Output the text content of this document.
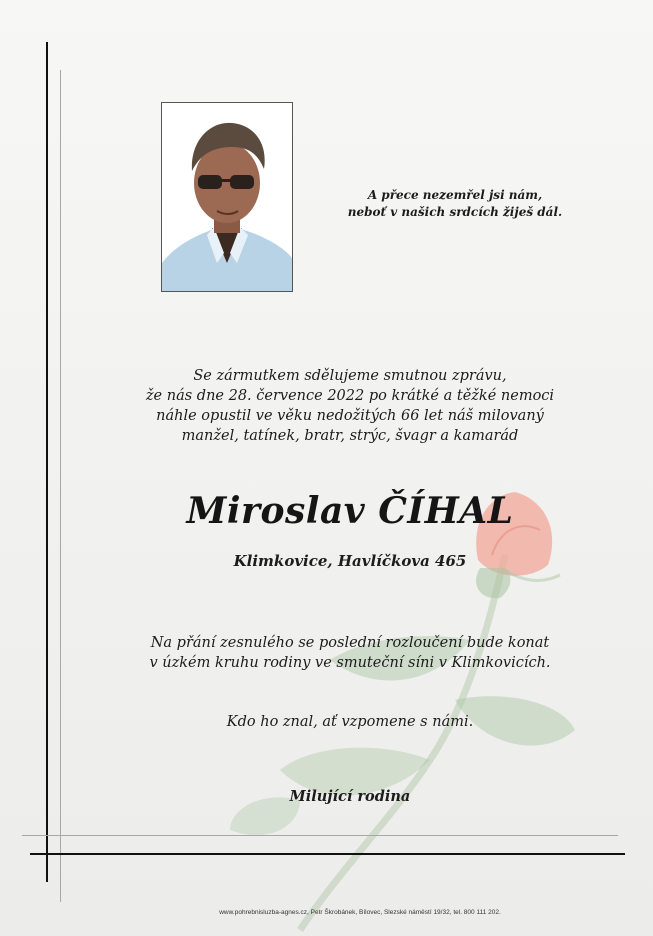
A přece nezemřel jsi nám,

neboť v našich srdcích žiješ dál.

Se zármutkem sdělujeme smutnou zprávu,

že nás dne 28. července 2022 po krátké a těžké nemoci

náhle opustil ve věku nedožitých 66 let náš milovaný

manžel, tatínek, bratr, strýc, švagr a kamarád

Miroslav ČÍHAL
Klimkovice, Havlíčkova 465

Na přání zesnulého se poslední rozloučení bude konat

v úzkém kruhu rodiny ve smuteční síni v Klimkovicích.

Kdo ho znal, ať vzpomene s námi.
Milující rodina
www.pohrebnisluzba-agnes.cz, Petr Škrobánek, Bílovec, Slezské náměstí 19/32, tel. 800 111 202.
